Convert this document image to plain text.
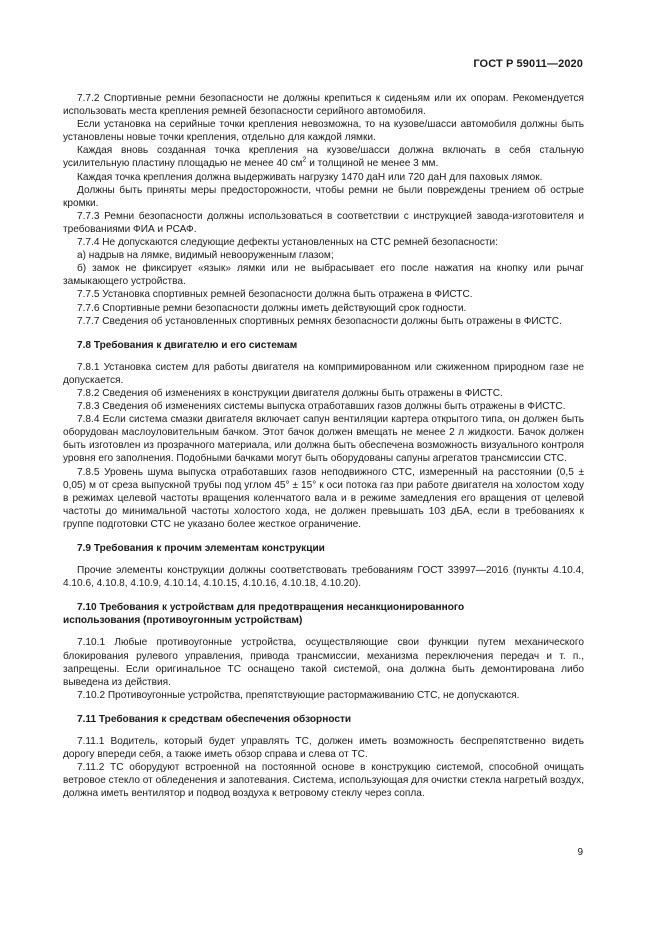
ГОСТ Р 59011—2020

7.7.2 Спортивные ремни безопасности не должны крепиться к сиденьям или их опорам. Рекомендуется использовать места крепления ремней безопасности серийного автомобиля.

Если установка на серийные точки крепления невозможна, то на кузове/шасси автомобиля должны быть установлены новые точки крепления, отдельно для каждой лямки.

Каждая вновь созданная точка крепления на кузове/шасси должна включать в себя стальную усилительную пластину площадью не менее 40 $см^2$ и толщиной не менее 3 мм.

Каждая точка крепления должна выдерживать нагрузку 1470 даН или 720 даН для паховых лямок.

Должны быть приняты меры предосторожности, чтобы ремни не были повреждены трением об острые кромки.

7.7.3 Ремни безопасности должны использоваться в соответствии с инструкцией завода-изготовителя и требованиями ФИА и РСАФ.

7.7.4 Не допускаются следующие дефекты установленных на СТС ремней безопасности:

а) надрыв на лямке, видимый невооруженным глазом;

б) замок не фиксирует «язык» лямки или не выбрасывает его после нажатия на кнопку или рычаг замыкающего устройства.

7.7.5 Установка спортивных ремней безопасности должна быть отражена в ФИСТС.

7.7.6 Спортивные ремни безопасности должны иметь действующий срок годности.

7.7.7 Сведения об установленных спортивных ремнях безопасности должны быть отражены в ФИСТС.

7.8 Требования к двигателю и его системам

7.8.1 Установка систем для работы двигателя на компримированном или сжиженном природном газе не допускается.

7.8.2 Сведения об изменениях в конструкции двигателя должны быть отражены в ФИСТС.

7.8.3 Сведения об изменениях системы выпуска отработавших газов должны быть отражены в ФИСТС.

7.8.4 Если система смазки двигателя включает сапун вентиляции картера открытого типа, он должен быть оборудован маслоуловительным бачком. Этот бачок должен вмещать не менее 2 л жидкости. Бачок должен быть изготовлен из прозрачного материала, или должна быть обеспечена возможность визуального контроля уровня его заполнения. Подобными бачками могут быть оборудованы сапуны агрегатов трансмиссии СТС.

7.8.5 Уровень шума выпуска отработавших газов неподвижного СТС, измеренный на расстоянии (0,5 ± 0,05) м от среза выпускной трубы под углом 45° ± 15° к оси потока газ при работе двигателя на холостом ходу в режимах целевой частоты вращения коленчатого вала и в режиме замедления его вращения от целевой частоты до минимальной частоты холостого хода, не должен превышать 103 дБА, если в требованиях к группе подготовки СТС не указано более жесткое ограничение.

7.9 Требования к прочим элементам конструкции

Прочие элементы конструкции должны соответствовать требованиям ГОСТ 33997—2016 (пункты 4.10.4, 4.10.6, 4.10.8, 4.10.9, 4.10.14, 4.10.15, 4.10.16, 4.10.18, 4.10.20).

7.10 Требования к устройствам для предотвращения несанкционированного
использования (противоугонным устройствам)

7.10.1 Любые противоугонные устройства, осуществляющие свои функции путем механического блокирования рулевого управления, привода трансмиссии, механизма переключения передач и т. п., запрещены. Если оригинальное ТС оснащено такой системой, она должна быть демонтирована либо выведена из действия.

7.10.2 Противоугонные устройства, препятствующие растормаживанию СТС, не допускаются.

7.11 Требования к средствам обеспечения обзорности

7.11.1 Водитель, который будет управлять ТС, должен иметь возможность беспрепятственно видеть дорогу впереди себя, а также иметь обзор справа и слева от ТС.

7.11.2 ТС оборудуют встроенной на постоянной основе в конструкцию системой, способной очищать ветровое стекло от обледенения и запотевания. Система, использующая для очистки стекла нагретый воздух, должна иметь вентилятор и подвод воздуха к ветровому стеклу через сопла.

9
